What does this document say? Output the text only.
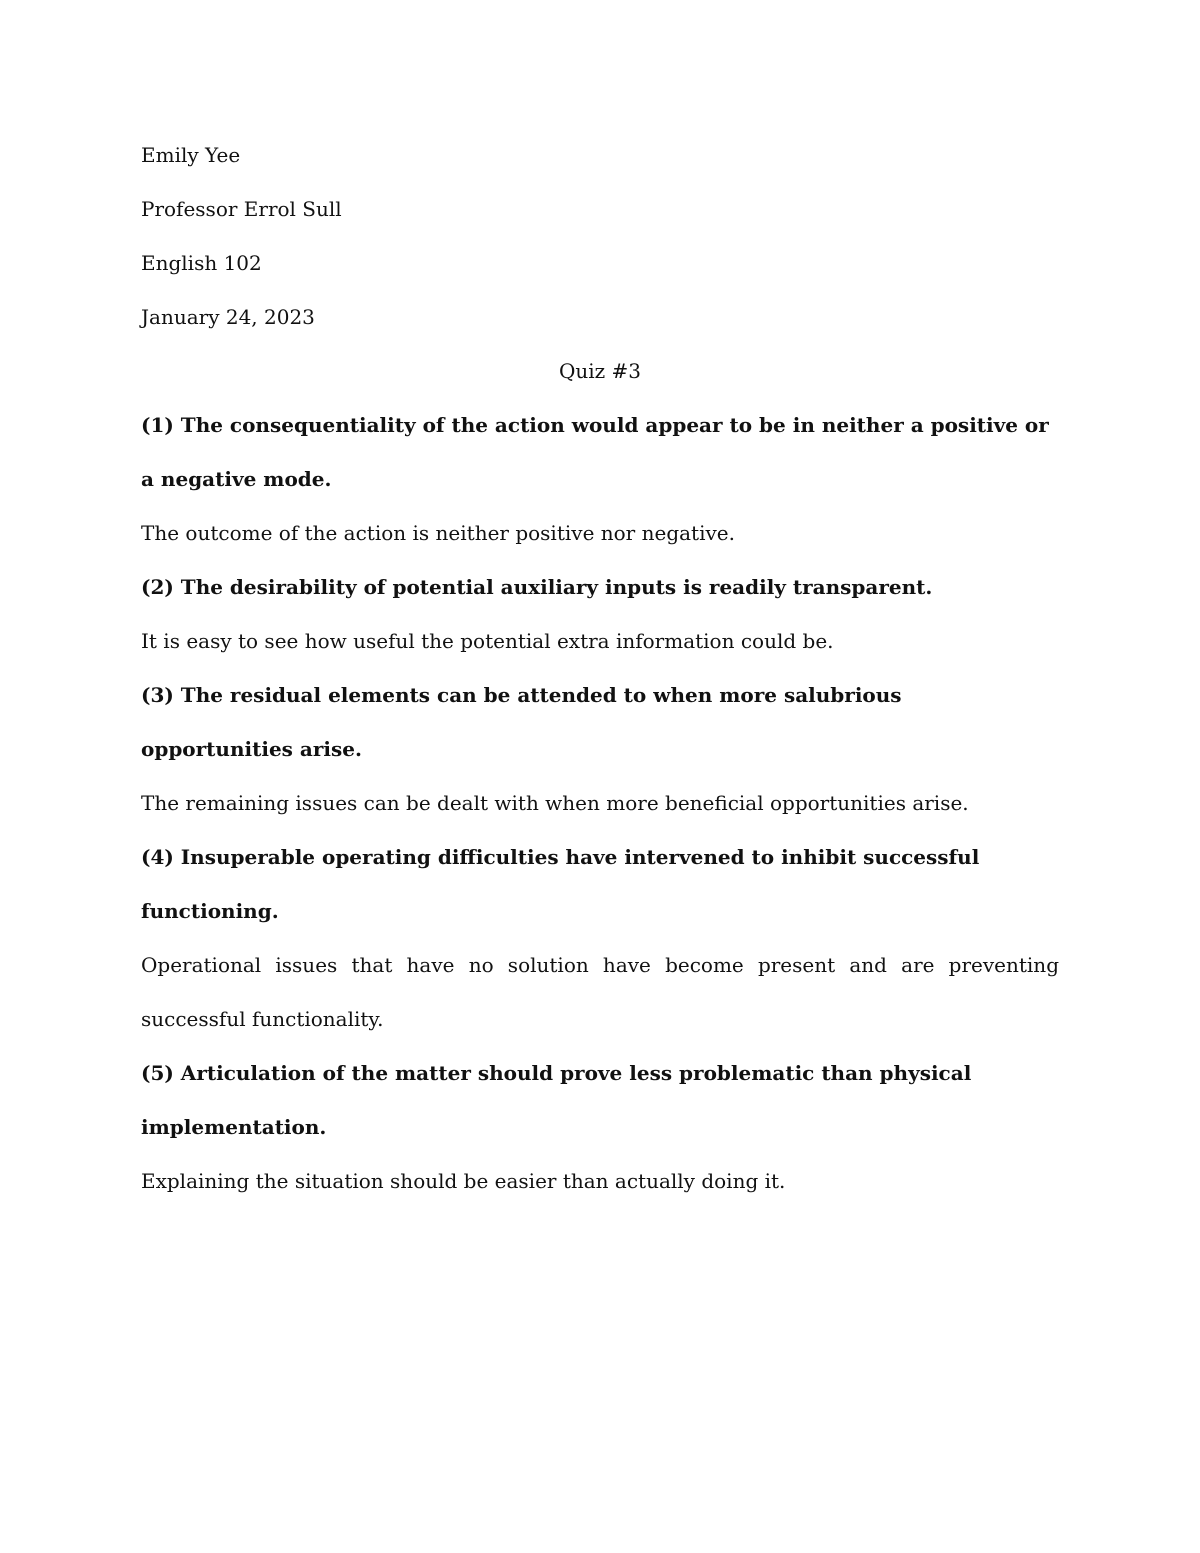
Emily Yee

Professor Errol Sull

English 102

January 24, 2023

Quiz #3

(1) The consequentiality of the action would appear to be in neither a positive or a negative mode.

The outcome of the action is neither positive nor negative.

(2) The desirability of potential auxiliary inputs is readily transparent.

It is easy to see how useful the potential extra information could be.

(3) The residual elements can be attended to when more salubrious opportunities arise.

The remaining issues can be dealt with when more beneficial opportunities arise.

(4) Insuperable operating difficulties have intervened to inhibit successful functioning.

Operational issues that have no solution have become present and are preventing successful functionality.

(5) Articulation of the matter should prove less problematic than physical implementation.

Explaining the situation should be easier than actually doing it.
